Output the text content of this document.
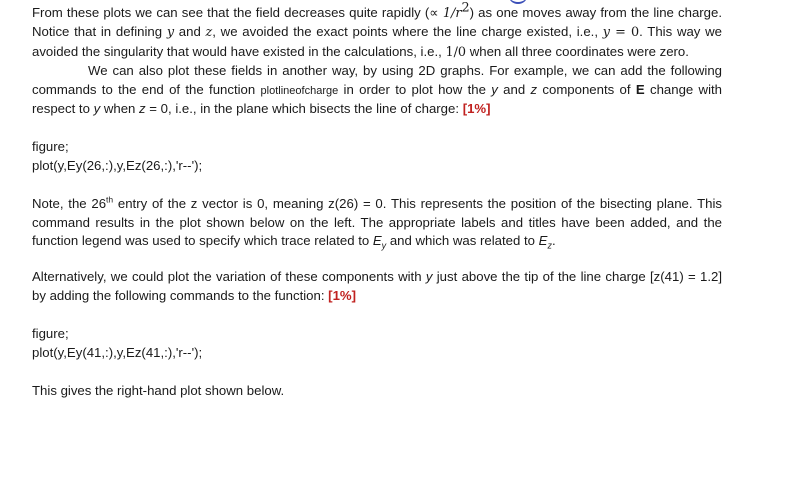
From these plots we can see that the field decreases quite rapidly (∝ $1/r^2$) as one moves away from the line charge. Notice that in defining y and z, we avoided the exact points where the line charge existed, i.e., y = 0. This way we avoided the singularity that would have existed in the calculations, i.e., 1/0 when all three coordinates were zero.

We can also plot these fields in another way, by using 2D graphs. For example, we can add the following commands to the end of the function plotlineofcharge in order to plot how the y and z components of E change with respect to y when z = 0, i.e., in the plane which bisects the line of charge: [1%]

figure;

plot(y,Ey(26,:),y,Ez(26,:),'r--');

Note, the 26th entry of the z vector is 0, meaning z(26) = 0. This represents the position of the bisecting plane. This command results in the plot shown below on the left. The appropriate labels and titles have been added, and the function legend was used to specify which trace related to $E_y$ and which was related to $E_z$.

Alternatively, we could plot the variation of these components with y just above the tip of the line charge [z(41) = 1.2] by adding the following commands to the function: [1%]

figure;

plot(y,Ey(41,:),y,Ez(41,:),'r--');

This gives the right-hand plot shown below.
